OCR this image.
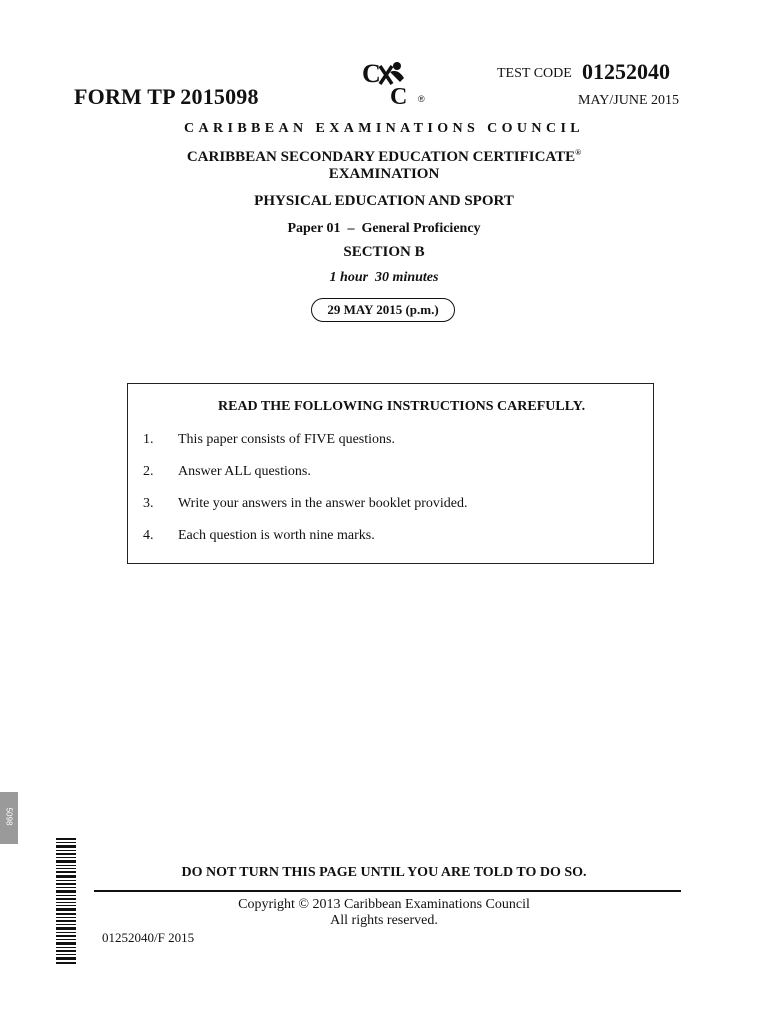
FORM TP 2015098
C
C ®
TEST CODE 01252040
MAY/JUNE 2015
CARIBBEAN EXAMINATIONS COUNCIL
CARIBBEAN SECONDARY EDUCATION CERTIFICATE®
EXAMINATION
PHYSICAL EDUCATION AND SPORT
Paper 01  –  General Proficiency
SECTION B
1 hour  30 minutes
29 MAY 2015 (p.m.)
READ THE FOLLOWING INSTRUCTIONS CAREFULLY.
1. This paper consists of FIVE questions.
2. Answer ALL questions.
3. Write your answers in the answer booklet provided.
4. Each question is worth nine marks.
5098
DO NOT TURN THIS PAGE UNTIL YOU ARE TOLD TO DO SO.
Copyright © 2013 Caribbean Examinations Council
All rights reserved.
01252040/F 2015
